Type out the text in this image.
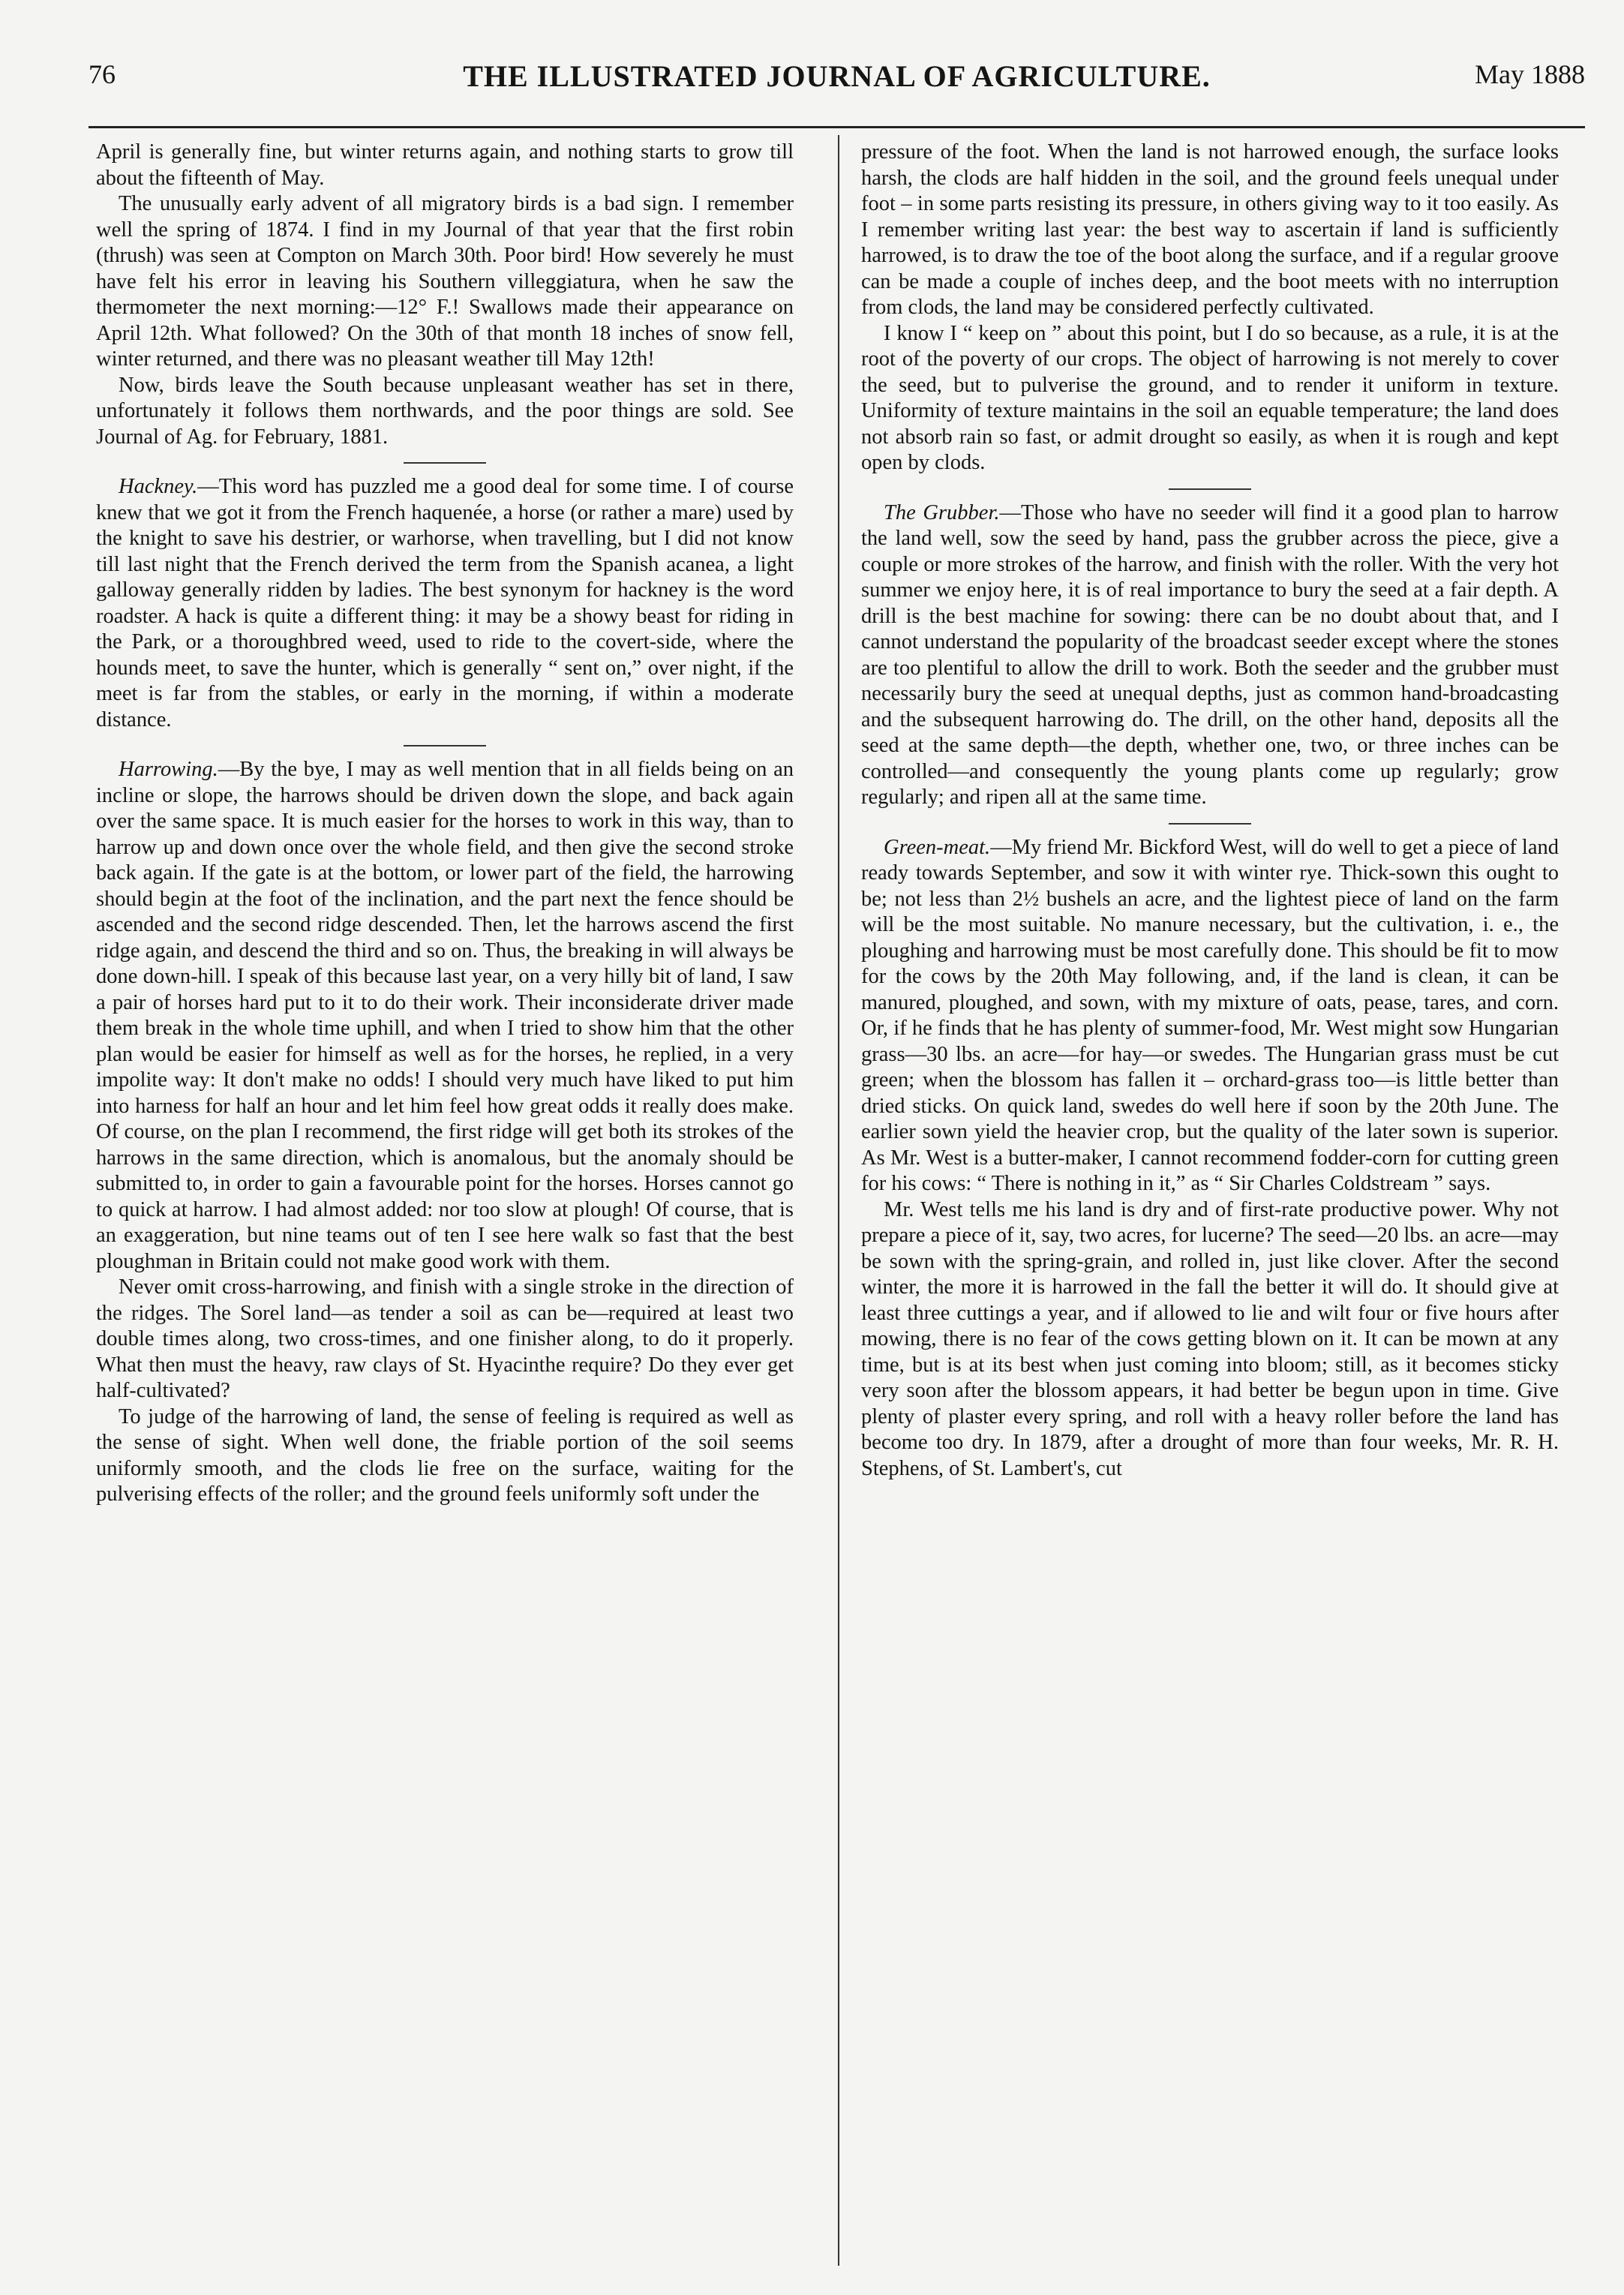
76	THE ILLUSTRATED JOURNAL OF AGRICULTURE.	May 1888

April is generally fine, but winter returns again, and nothing starts to grow till about the fifteenth of May.

The unusually early advent of all migratory birds is a bad sign. I remember well the spring of 1874. I find in my Journal of that year that the first robin (thrush) was seen at Compton on March 30th. Poor bird! How severely he must have felt his error in leaving his Southern villeggiatura, when he saw the thermometer the next morning:—12° F.! Swallows made their appearance on April 12th. What followed? On the 30th of that month 18 inches of snow fell, winter returned, and there was no pleasant weather till May 12th!

Now, birds leave the South because unpleasant weather has set in there, unfortunately it follows them northwards, and the poor things are sold. See Journal of Ag. for February, 1881.

Hackney.—This word has puzzled me a good deal for some time. I of course knew that we got it from the French haquenée, a horse (or rather a mare) used by the knight to save his destrier, or warhorse, when travelling, but I did not know till last night that the French derived the term from the Spanish acanea, a light galloway generally ridden by ladies. The best synonym for hackney is the word roadster. A hack is quite a different thing: it may be a showy beast for riding in the Park, or a thoroughbred weed, used to ride to the covert-side, where the hounds meet, to save the hunter, which is generally “ sent on,” over night, if the meet is far from the stables, or early in the morning, if within a moderate distance.

Harrowing.—By the bye, I may as well mention that in all fields being on an incline or slope, the harrows should be driven down the slope, and back again over the same space. It is much easier for the horses to work in this way, than to harrow up and down once over the whole field, and then give the second stroke back again. If the gate is at the bottom, or lower part of the field, the harrowing should begin at the foot of the inclination, and the part next the fence should be ascended and the second ridge descended. Then, let the harrows ascend the first ridge again, and descend the third and so on. Thus, the breaking in will always be done down-hill. I speak of this because last year, on a very hilly bit of land, I saw a pair of horses hard put to it to do their work. Their inconsiderate driver made them break in the whole time uphill, and when I tried to show him that the other plan would be easier for himself as well as for the horses, he replied, in a very impolite way: It don't make no odds! I should very much have liked to put him into harness for half an hour and let him feel how great odds it really does make. Of course, on the plan I recommend, the first ridge will get both its strokes of the harrows in the same direction, which is anomalous, but the anomaly should be submitted to, in order to gain a favourable point for the horses. Horses cannot go to quick at harrow. I had almost added: nor too slow at plough! Of course, that is an exaggeration, but nine teams out of ten I see here walk so fast that the best ploughman in Britain could not make good work with them.

Never omit cross-harrowing, and finish with a single stroke in the direction of the ridges. The Sorel land—as tender a soil as can be—required at least two double times along, two cross-times, and one finisher along, to do it properly. What then must the heavy, raw clays of St. Hyacinthe require? Do they ever get half-cultivated?

To judge of the harrowing of land, the sense of feeling is required as well as the sense of sight. When well done, the friable portion of the soil seems uniformly smooth, and the clods lie free on the surface, waiting for the pulverising effects of the roller; and the ground feels uniformly soft under the

pressure of the foot. When the land is not harrowed enough, the surface looks harsh, the clods are half hidden in the soil, and the ground feels unequal under foot – in some parts resisting its pressure, in others giving way to it too easily. As I remember writing last year: the best way to ascertain if land is sufficiently harrowed, is to draw the toe of the boot along the surface, and if a regular groove can be made a couple of inches deep, and the boot meets with no interruption from clods, the land may be considered perfectly cultivated.

I know I “ keep on ” about this point, but I do so because, as a rule, it is at the root of the poverty of our crops. The object of harrowing is not merely to cover the seed, but to pulverise the ground, and to render it uniform in texture. Uniformity of texture maintains in the soil an equable temperature; the land does not absorb rain so fast, or admit drought so easily, as when it is rough and kept open by clods.

The Grubber.—Those who have no seeder will find it a good plan to harrow the land well, sow the seed by hand, pass the grubber across the piece, give a couple or more strokes of the harrow, and finish with the roller. With the very hot summer we enjoy here, it is of real importance to bury the seed at a fair depth. A drill is the best machine for sowing: there can be no doubt about that, and I cannot understand the popularity of the broadcast seeder except where the stones are too plentiful to allow the drill to work. Both the seeder and the grubber must necessarily bury the seed at unequal depths, just as common hand-broadcasting and the subsequent harrowing do. The drill, on the other hand, deposits all the seed at the same depth—the depth, whether one, two, or three inches can be controlled—and consequently the young plants come up regularly; grow regularly; and ripen all at the same time.

Green-meat.—My friend Mr. Bickford West, will do well to get a piece of land ready towards September, and sow it with winter rye. Thick-sown this ought to be; not less than 2½ bushels an acre, and the lightest piece of land on the farm will be the most suitable. No manure necessary, but the cultivation, i. e., the ploughing and harrowing must be most carefully done. This should be fit to mow for the cows by the 20th May following, and, if the land is clean, it can be manured, ploughed, and sown, with my mixture of oats, pease, tares, and corn. Or, if he finds that he has plenty of summer-food, Mr. West might sow Hungarian grass—30 lbs. an acre—for hay—or swedes. The Hungarian grass must be cut green; when the blossom has fallen it – orchard-grass too—is little better than dried sticks. On quick land, swedes do well here if soon by the 20th June. The earlier sown yield the heavier crop, but the quality of the later sown is superior. As Mr. West is a butter-maker, I cannot recommend fodder-corn for cutting green for his cows: “ There is nothing in it,” as “ Sir Charles Coldstream ” says.

Mr. West tells me his land is dry and of first-rate productive power. Why not prepare a piece of it, say, two acres, for lucerne? The seed—20 lbs. an acre—may be sown with the spring-grain, and rolled in, just like clover. After the second winter, the more it is harrowed in the fall the better it will do. It should give at least three cuttings a year, and if allowed to lie and wilt four or five hours after mowing, there is no fear of the cows getting blown on it. It can be mown at any time, but is at its best when just coming into bloom; still, as it becomes sticky very soon after the blossom appears, it had better be begun upon in time. Give plenty of plaster every spring, and roll with a heavy roller before the land has become too dry. In 1879, after a drought of more than four weeks, Mr. R. H. Stephens, of St. Lambert's, cut
